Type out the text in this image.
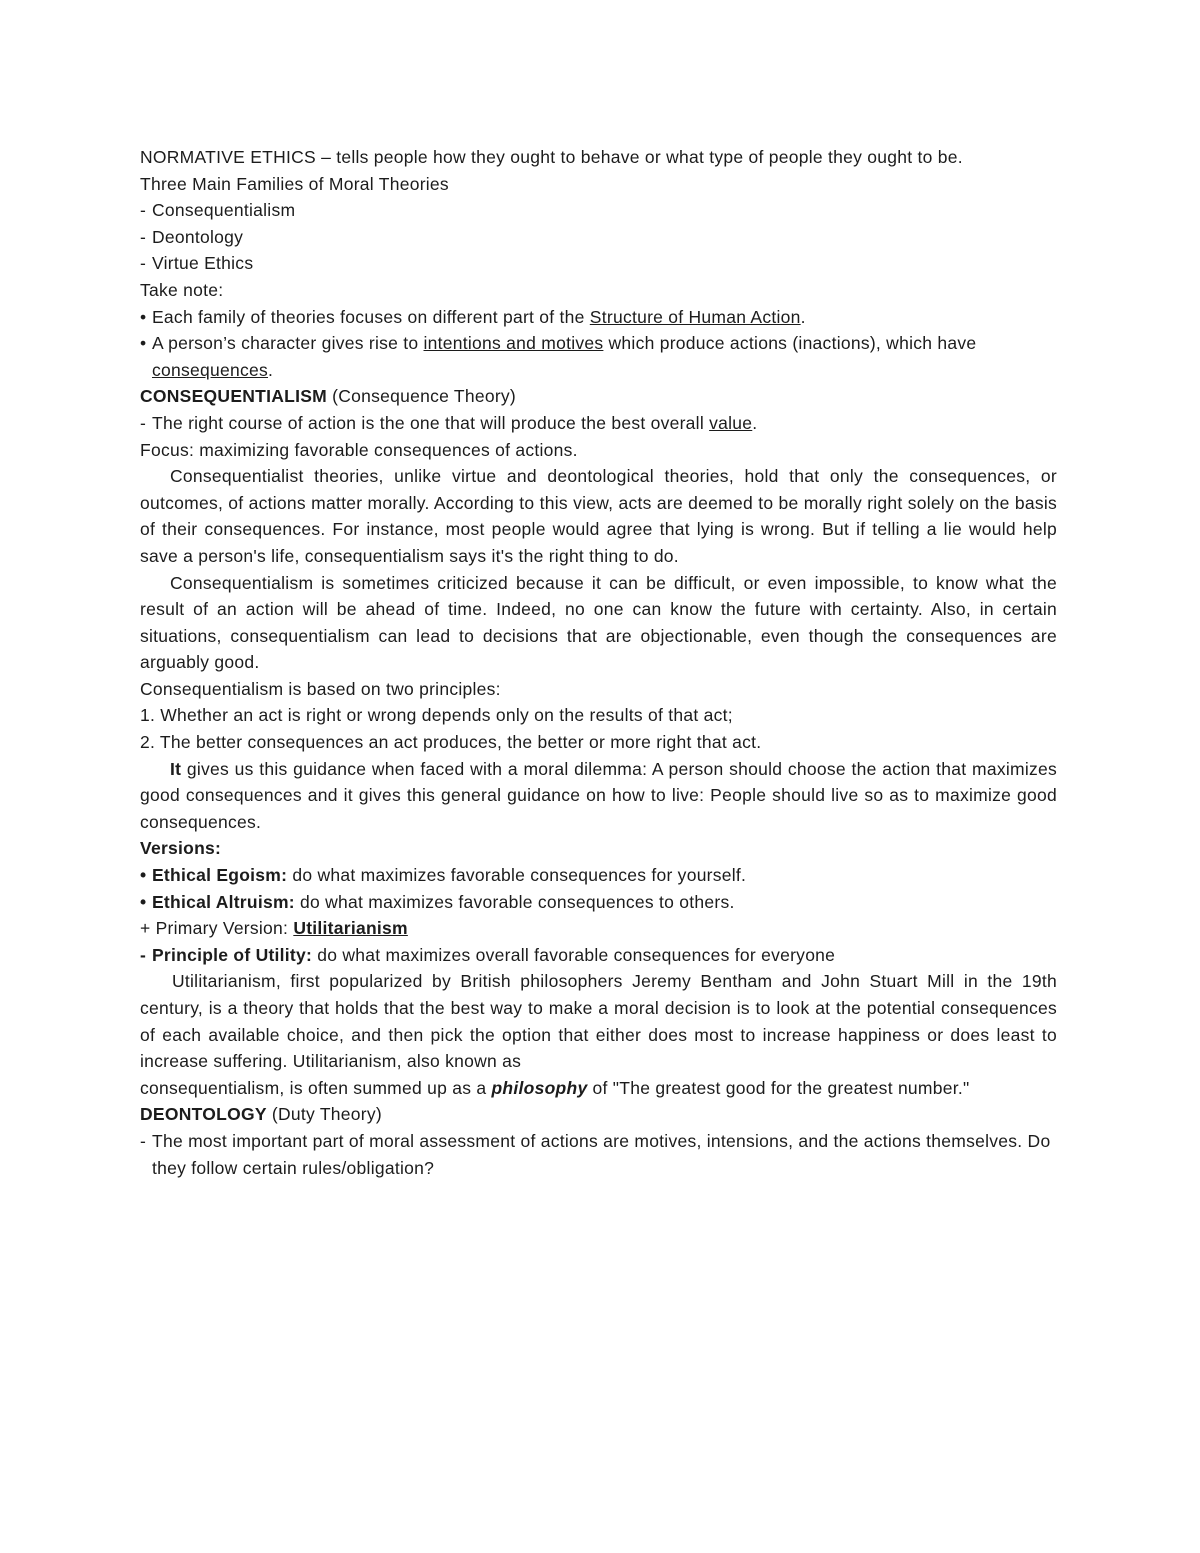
NORMATIVE ETHICS – tells people how they ought to behave or what type of people they ought to be.

Three Main Families of Moral Theories

- Consequentialism
- Deontology
- Virtue Ethics

Take note:

• Each family of theories focuses on different part of the Structure of Human Action.
• A person’s character gives rise to intentions and motives which produce actions (inactions), which have consequences.

CONSEQUENTIALISM (Consequence Theory)

- The right course of action is the one that will produce the best overall value.

Focus: maximizing favorable consequences of actions.

Consequentialist theories, unlike virtue and deontological theories, hold that only the consequences, or outcomes, of actions matter morally. According to this view, acts are deemed to be morally right solely on the basis of their consequences. For instance, most people would agree that lying is wrong. But if telling a lie would help save a person's life, consequentialism says it's the right thing to do.

Consequentialism is sometimes criticized because it can be difficult, or even impossible, to know what the result of an action will be ahead of time. Indeed, no one can know the future with certainty. Also, in certain situations, consequentialism can lead to decisions that are objectionable, even though the consequences are arguably good.

Consequentialism is based on two principles:

1. Whether an act is right or wrong depends only on the results of that act;

2. The better consequences an act produces, the better or more right that act.

It gives us this guidance when faced with a moral dilemma: A person should choose the action that maximizes good consequences and it gives this general guidance on how to live: People should live so as to maximize good consequences.

Versions:

• Ethical Egoism: do what maximizes favorable consequences for yourself.
• Ethical Altruism: do what maximizes favorable consequences to others.

+ Primary Version: Utilitarianism

- Principle of Utility: do what maximizes overall favorable consequences for everyone

Utilitarianism, first popularized by British philosophers Jeremy Bentham and John Stuart Mill in the 19th century, is a theory that holds that the best way to make a moral decision is to look at the potential consequences of each available choice, and then pick the option that either does most to increase happiness or does least to increase suffering. Utilitarianism, also known as
consequentialism, is often summed up as a philosophy of "The greatest good for the greatest number."

DEONTOLOGY (Duty Theory)

- The most important part of moral assessment of actions are motives, intensions, and the actions themselves. Do they follow certain rules/obligation?
